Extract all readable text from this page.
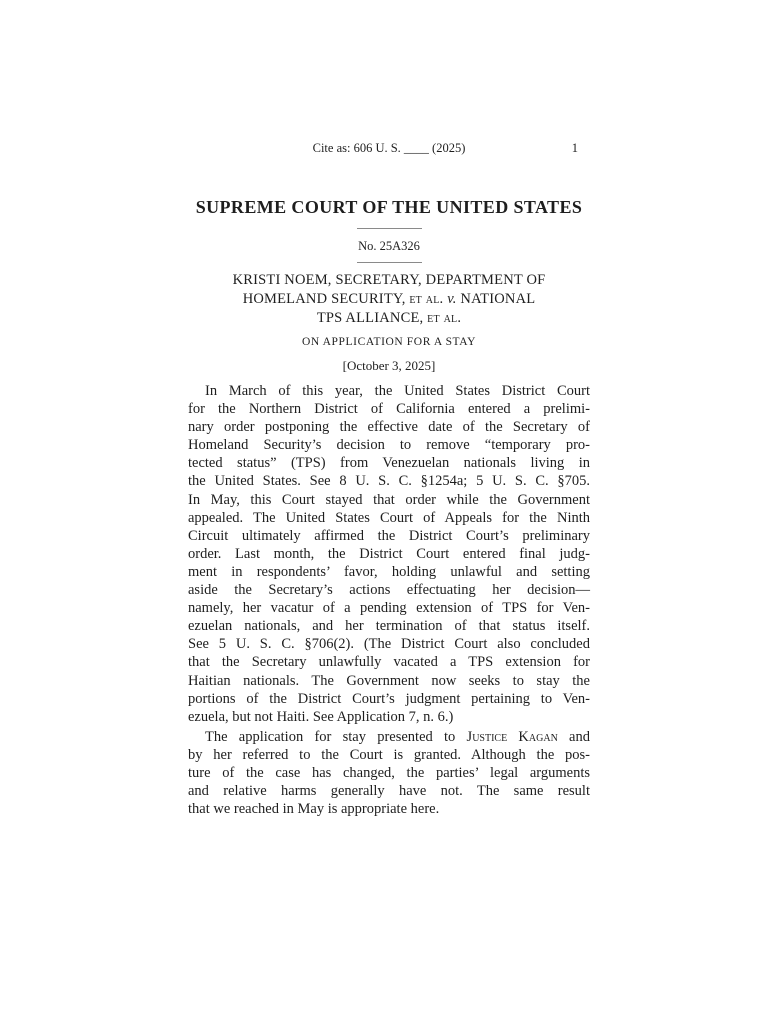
Cite as: 606 U. S. ____ (2025)	1
SUPREME COURT OF THE UNITED STATES
No. 25A326
KRISTI NOEM, SECRETARY, DEPARTMENT OF
HOMELAND SECURITY, et al. v. NATIONAL
TPS ALLIANCE, et al.
ON APPLICATION FOR A STAY
[October 3, 2025]
In March of this year, the United States District Court
for the Northern District of California entered a prelimi-
nary order postponing the effective date of the Secretary of
Homeland Security’s decision to remove “temporary pro-
tected status” (TPS) from Venezuelan nationals living in
the United States. See 8 U. S. C. §1254a; 5 U. S. C. §705.
In May, this Court stayed that order while the Government
appealed. The United States Court of Appeals for the Ninth
Circuit ultimately affirmed the District Court’s preliminary
order. Last month, the District Court entered final judg-
ment in respondents’ favor, holding unlawful and setting
aside the Secretary’s actions effectuating her decision—
namely, her vacatur of a pending extension of TPS for Ven-
ezuelan nationals, and her termination of that status itself.
See 5 U. S. C. §706(2). (The District Court also concluded
that the Secretary unlawfully vacated a TPS extension for
Haitian nationals. The Government now seeks to stay the
portions of the District Court’s judgment pertaining to Ven-
ezuela, but not Haiti. See Application 7, n. 6.)
The application for stay presented to Justice Kagan and
by her referred to the Court is granted. Although the pos-
ture of the case has changed, the parties’ legal arguments
and relative harms generally have not. The same result
that we reached in May is appropriate here.
